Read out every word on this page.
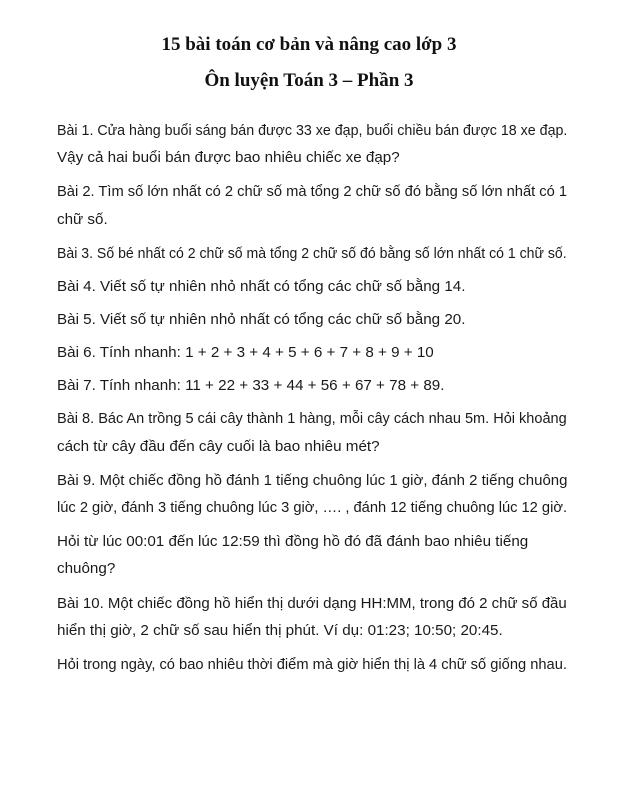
15 bài toán cơ bản và nâng cao lớp 3
Ôn luyện Toán 3 – Phần 3
Bài 1. Cửa hàng buổi sáng bán được 33 xe đạp, buổi chiều bán được 18 xe đạp.
Vậy cả hai buổi bán được bao nhiêu chiếc xe đạp?
Bài 2. Tìm số lớn nhất có 2 chữ số mà tổng 2 chữ số đó bằng số lớn nhất có 1
chữ số.
Bài 3. Số bé nhất có 2 chữ số mà tổng 2 chữ số đó bằng số lớn nhất có 1 chữ số.
Bài 4. Viết số tự nhiên nhỏ nhất có tổng các chữ số bằng 14.
Bài 5. Viết số tự nhiên nhỏ nhất có tổng các chữ số bằng 20.
Bài 6. Tính nhanh: 1 + 2 + 3 + 4 + 5 + 6 + 7 + 8 + 9 + 10
Bài 7. Tính nhanh: 11 + 22 + 33 + 44 + 56 + 67 + 78 + 89.
Bài 8. Bác An trồng 5 cái cây thành 1 hàng, mỗi cây cách nhau 5m. Hỏi khoảng
cách từ cây đầu đến cây cuối là bao nhiêu mét?
Bài 9. Một chiếc đồng hồ đánh 1 tiếng chuông lúc 1 giờ, đánh 2 tiếng chuông
lúc 2 giờ, đánh 3 tiếng chuông lúc 3 giờ, …. , đánh 12 tiếng chuông lúc 12 giờ.
Hỏi từ lúc 00:01 đến lúc 12:59 thì đồng hồ đó đã đánh bao nhiêu tiếng
chuông?
Bài 10. Một chiếc đồng hồ hiển thị dưới dạng HH:MM, trong đó 2 chữ số đầu
hiển thị giờ, 2 chữ số sau hiển thị phút. Ví dụ: 01:23; 10:50; 20:45.
Hỏi trong ngày, có bao nhiêu thời điểm mà giờ hiển thị là 4 chữ số giống nhau.
